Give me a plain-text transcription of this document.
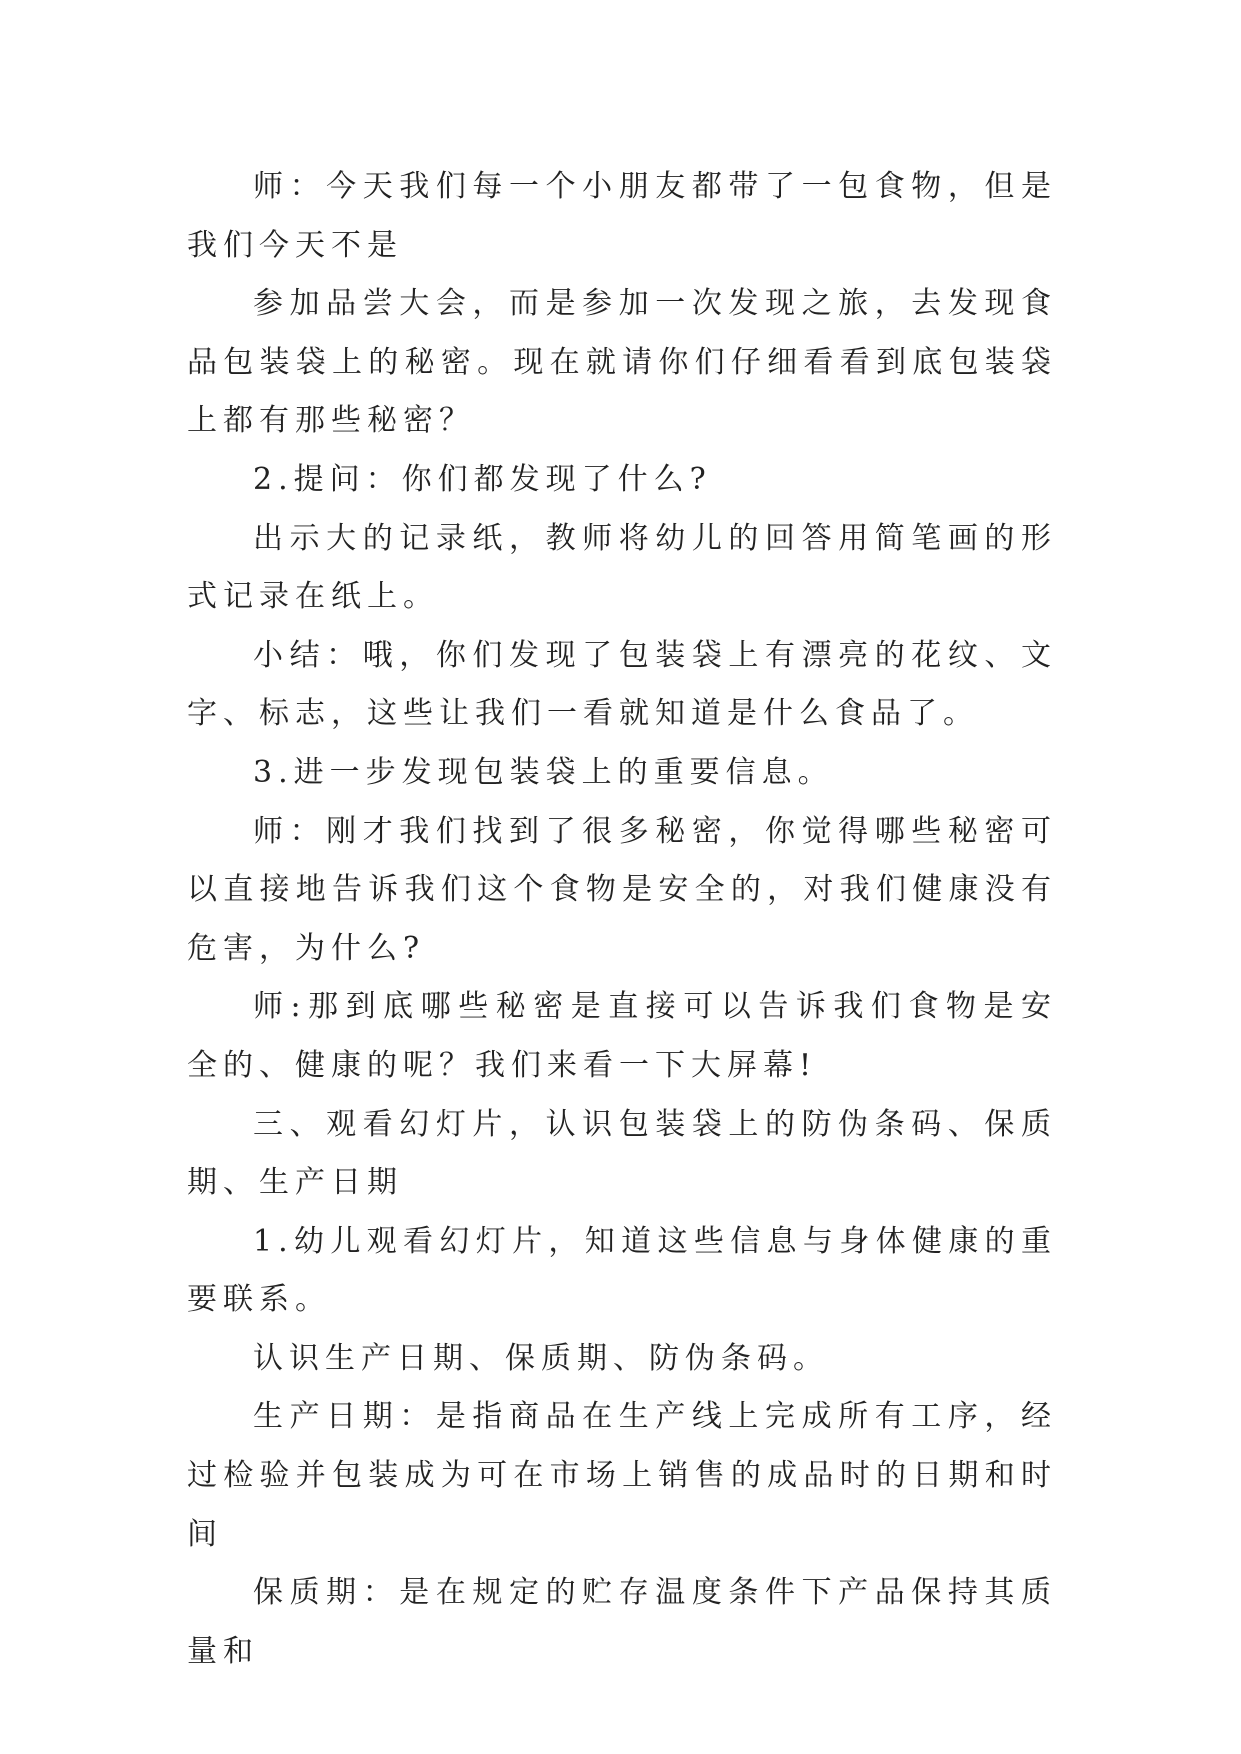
师：今天我们每一个小朋友都带了一包食物，但是我们今天不是

参加品尝大会，而是参加一次发现之旅，去发现食品包装袋上的秘密。现在就请你们仔细看看到底包装袋上都有那些秘密？

2.提问：你们都发现了什么?

出示大的记录纸，教师将幼儿的回答用简笔画的形式记录在纸上。

小结：哦，你们发现了包装袋上有漂亮的花纹、文字、标志，这些让我们一看就知道是什么食品了。

3.进一步发现包装袋上的重要信息。

师：刚才我们找到了很多秘密，你觉得哪些秘密可以直接地告诉我们这个食物是安全的，对我们健康没有危害，为什么?

师:那到底哪些秘密是直接可以告诉我们食物是安全的、健康的呢？我们来看一下大屏幕!

三、观看幻灯片，认识包装袋上的防伪条码、保质期、生产日期

1.幼儿观看幻灯片，知道这些信息与身体健康的重要联系。

认识生产日期、保质期、防伪条码。

生产日期：是指商品在生产线上完成所有工序，经过检验并包装成为可在市场上销售的成品时的日期和时间

保质期：是在规定的贮存温度条件下产品保持其质量和
